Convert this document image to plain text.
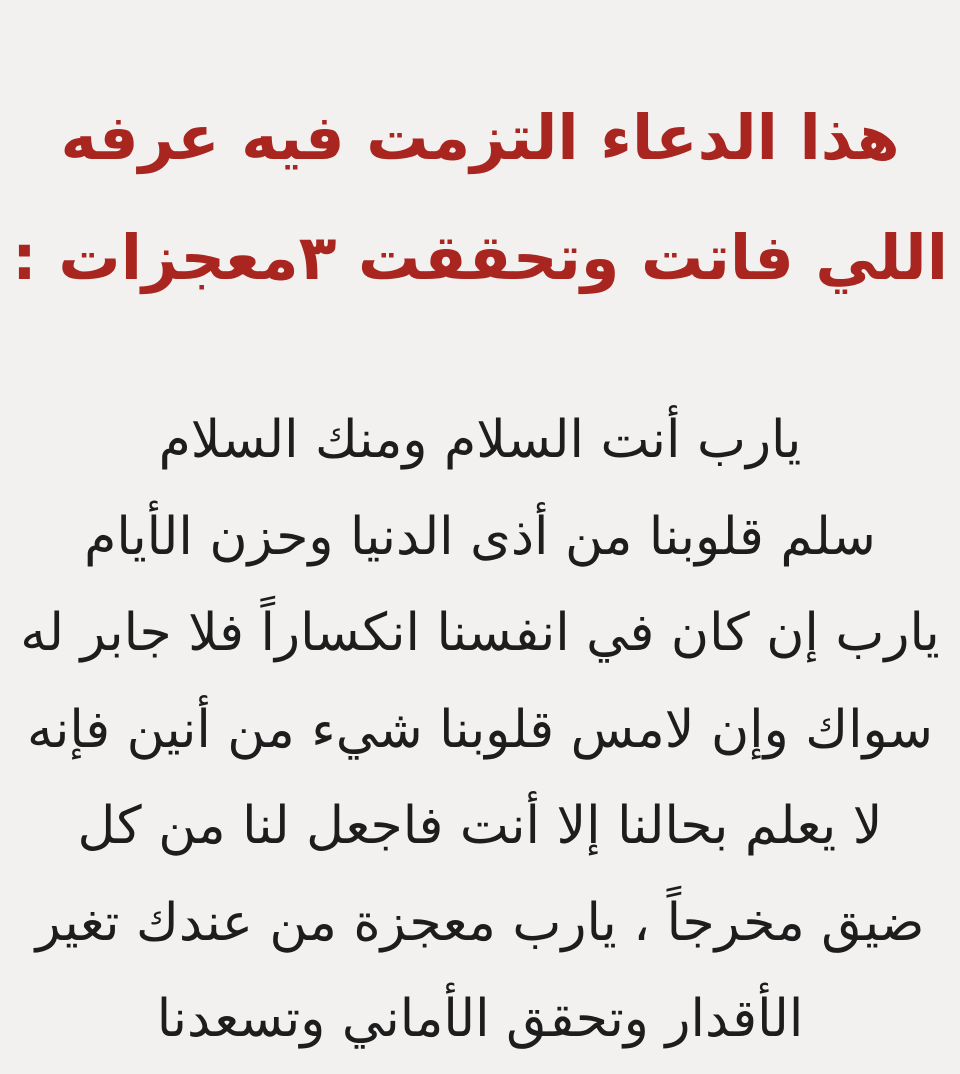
هذا الدعاء التزمت فيه عرفه
اللي فاتت وتحققت ٣معجزات :
يارب أنت السلام ومنك السلام
سلم قلوبنا من أذى الدنيا وحزن الأيام
يارب إن كان في انفسنا انكساراً فلا جابر له
سواك وإن لامس قلوبنا شيء من أنين فإنه
لا يعلم بحالنا إلا أنت فاجعل لنا من كل
ضيق مخرجاً ، يارب معجزة من عندك تغير
الأقدار وتحقق الأماني وتسعدنا
